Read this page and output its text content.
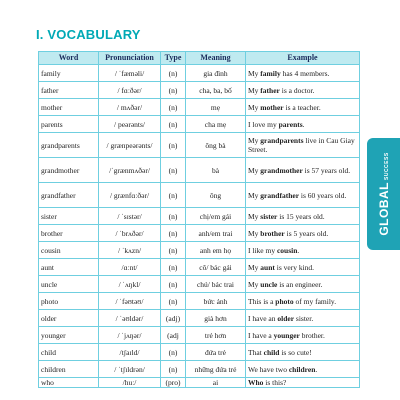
I. VOCABULARY
Word	Pronunciation	Type	Meaning	Example
family	/ ˈfæməli/	(n)	gia đình	My family has 4 members.
father	/ fɑːðər/	(n)	cha, ba, bố	My father is a doctor.
mother	/ mʌðər/	(n)	mẹ	My mother is a teacher.
parents	/ peərənts/	(n)	cha mẹ	I love my parents.
grandparents	/ grænpeərənts/	(n)	ông bà	My grandparents live in Cau Giay Street.
grandmother	/ˈgrænmʌðər/	(n)	bà	My grandmother is 57 years old.
grandfather	/ grænfɑːðər/	(n)	ông	My grandfather is 60 years old.
sister	/ ˈsɪstər/	(n)	chị/em gái	My sister is 15 years old.
brother	/ ˈbrʌðər/	(n)	anh/em trai	My brother is 5 years old.
cousin	/ ˈkʌzn/	(n)	anh em họ	I like my cousin.
aunt	/ɑːnt/	(n)	cô/ bác gái	My aunt is very kind.
uncle	/ ˈʌŋkl/	(n)	chú/ bác trai	My uncle is an engineer.
photo	/ ˈfəʊtəʊ/	(n)	bức ảnh	This is a photo of my family.
older	/ ˈəʊldər/	(adj)	già hơn	I have an older sister.
younger	/ ˈjʌŋər/	(adj	trẻ hơn	I have a younger brother.
child	/tʃaɪld/	(n)	đứa trẻ	That child is so cute!
children	/ ˈtʃɪldrən/	(n)	những đứa trẻ	We have two children.
who	/huː/	(pro)	ai	Who is this?
GLOBALSUCCESS
